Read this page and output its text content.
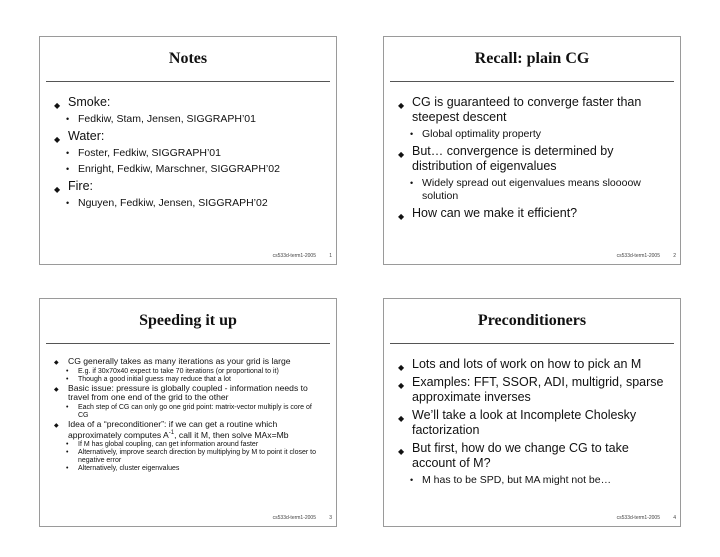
Notes
◆ Smoke:
• Fedkiw, Stam, Jensen, SIGGRAPH’01
◆ Water:
• Foster, Fedkiw, SIGGRAPH’01
• Enright, Fedkiw, Marschner, SIGGRAPH’02
◆ Fire:
• Nguyen, Fedkiw, Jensen, SIGGRAPH’02
cs533d-term1-2005	1
Recall: plain CG
◆ CG is guaranteed to converge faster than steepest descent
• Global optimality property
◆ But… convergence is determined by distribution of eigenvalues
• Widely spread out eigenvalues means sloooow solution
◆ How can we make it efficient?
cs533d-term1-2005	2
Speeding it up
◆ CG generally takes as many iterations as your grid is large
• E.g. if 30x70x40 expect to take 70 iterations (or proportional to it)
• Though a good initial guess may reduce that a lot
◆ Basic issue: pressure is globally coupled - information needs to travel from one end of the grid to the other
• Each step of CG can only go one grid point: matrix-vector multiply is core of CG
◆ Idea of a “preconditioner”: if we can get a routine which approximately computes $A^{-1}$, call it M, then solve MAx=Mb
• If M has global coupling, can get information around faster
• Alternatively, improve search direction by multiplying by M to point it closer to negative error
• Alternatively, cluster eigenvalues
cs533d-term1-2005	3
Preconditioners
◆ Lots and lots of work on how to pick an M
◆ Examples: FFT, SSOR, ADI, multigrid, sparse approximate inverses
◆ We’ll take a look at Incomplete Cholesky factorization
◆ But first, how do we change CG to take account of M?
• M has to be SPD, but MA might not be…
cs533d-term1-2005	4
